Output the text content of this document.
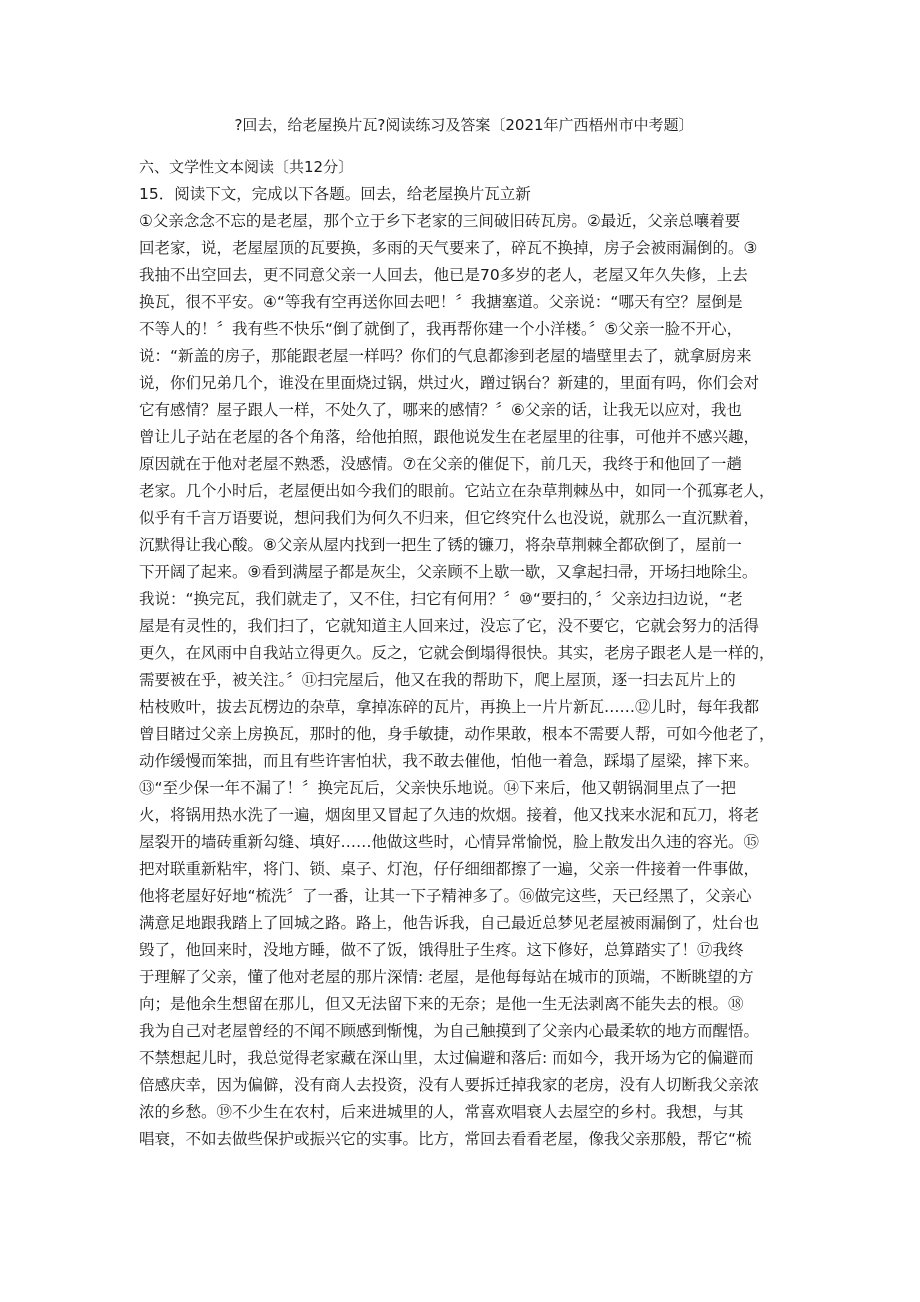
?回去，给老屋换片瓦?阅读练习及答案〔2021年广西梧州市中考题〕
六、文学性文本阅读〔共12分〕
15．阅读下文，完成以下各题。回去，给老屋换片瓦立新
①父亲念念不忘的是老屋，那个立于乡下老家的三间破旧砖瓦房。②最近，父亲总嚷着要
回老家，说，老屋屋顶的瓦要换，多雨的天气要来了，碎瓦不换掉，房子会被雨漏倒的。③
我抽不出空回去，更不同意父亲一人回去，他已是70多岁的老人，老屋又年久失修，上去
换瓦，很不平安。④“等我有空再送你回去吧！〞我搪塞道。父亲说：“哪天有空？屋倒是
不等人的！〞我有些不快乐“倒了就倒了，我再帮你建一个小洋楼。〞⑤父亲一脸不开心，
说：“新盖的房子，那能跟老屋一样吗？你们的气息都渗到老屋的墙壁里去了，就拿厨房来
说，你们兄弟几个，谁没在里面烧过锅，烘过火，蹭过锅台？新建的，里面有吗，你们会对
它有感情？屋子跟人一样，不处久了，哪来的感情？〞⑥父亲的话，让我无以应对，我也
曾让儿子站在老屋的各个角落，给他拍照，跟他说发生在老屋里的往事，可他并不感兴趣，
原因就在于他对老屋不熟悉，没感情。⑦在父亲的催促下，前几天，我终于和他回了一趟
老家。几个小时后，老屋便出如今我们的眼前。它站立在杂草荆棘丛中，如同一个孤寡老人，
似乎有千言万语要说，想问我们为何久不归来，但它终究什么也没说，就那么一直沉默着，
沉默得让我心酸。⑧父亲从屋内找到一把生了锈的镰刀，将杂草荆棘全都砍倒了，屋前一
下开阔了起来。⑨看到满屋子都是灰尘，父亲顾不上歇一歇，又拿起扫帚，开场扫地除尘。
我说：“换完瓦，我们就走了，又不住，扫它有何用？〞⑩“要扫的，〞父亲边扫边说，“老
屋是有灵性的，我们扫了，它就知道主人回来过，没忘了它，没不要它，它就会努力的活得
更久，在风雨中自我站立得更久。反之，它就会倒塌得很快。其实，老房子跟老人是一样的，
需要被在乎，被关注。〞⑪扫完屋后，他又在我的帮助下，爬上屋顶，逐一扫去瓦片上的
枯枝败叶，拔去瓦楞边的杂草，拿掉冻碎的瓦片，再换上一片片新瓦……⑫儿时，每年我都
曾目睹过父亲上房换瓦，那时的他，身手敏捷，动作果敢，根本不需要人帮，可如今他老了，
动作缓慢而笨拙，而且有些许害怕状，我不敢去催他，怕他一着急，踩塌了屋梁，摔下来。
⑬“至少保一年不漏了！〞换完瓦后，父亲快乐地说。⑭下来后，他又朝锅洞里点了一把
火，将锅用热水洗了一遍，烟囱里又冒起了久违的炊烟。接着，他又找来水泥和瓦刀，将老
屋裂开的墙砖重新勾缝、填好……他做这些时，心情异常愉悦，脸上散发出久违的容光。⑮
把对联重新粘牢，将门、锁、桌子、灯泡，仔仔细细都擦了一遍，父亲一件接着一件事做，
他将老屋好好地“梳洗〞了一番，让其一下子精神多了。⑯做完这些，天已经黑了，父亲心
满意足地跟我踏上了回城之路。路上，他告诉我，自己最近总梦见老屋被雨漏倒了，灶台也
毁了，他回来时，没地方睡，做不了饭，饿得肚子生疼。这下修好，总算踏实了！⑰我终
于理解了父亲，懂了他对老屋的那片深情: 老屋，是他每每站在城市的顶端，不断眺望的方
向；是他余生想留在那儿，但又无法留下来的无奈；是他一生无法剥离不能失去的根。⑱
我为自己对老屋曾经的不闻不顾感到惭愧，为自己触摸到了父亲内心最柔软的地方而醒悟。
不禁想起儿时，我总觉得老家藏在深山里，太过偏避和落后: 而如今，我开场为它的偏避而
倍感庆幸，因为偏僻，没有商人去投资，没有人要拆迁掉我家的老房，没有人切断我父亲浓
浓的乡愁。⑲不少生在农村，后来进城里的人，常喜欢唱衰人去屋空的乡村。我想，与其
唱衰，不如去做些保护或振兴它的实事。比方，常回去看看老屋，像我父亲那般，帮它“梳
